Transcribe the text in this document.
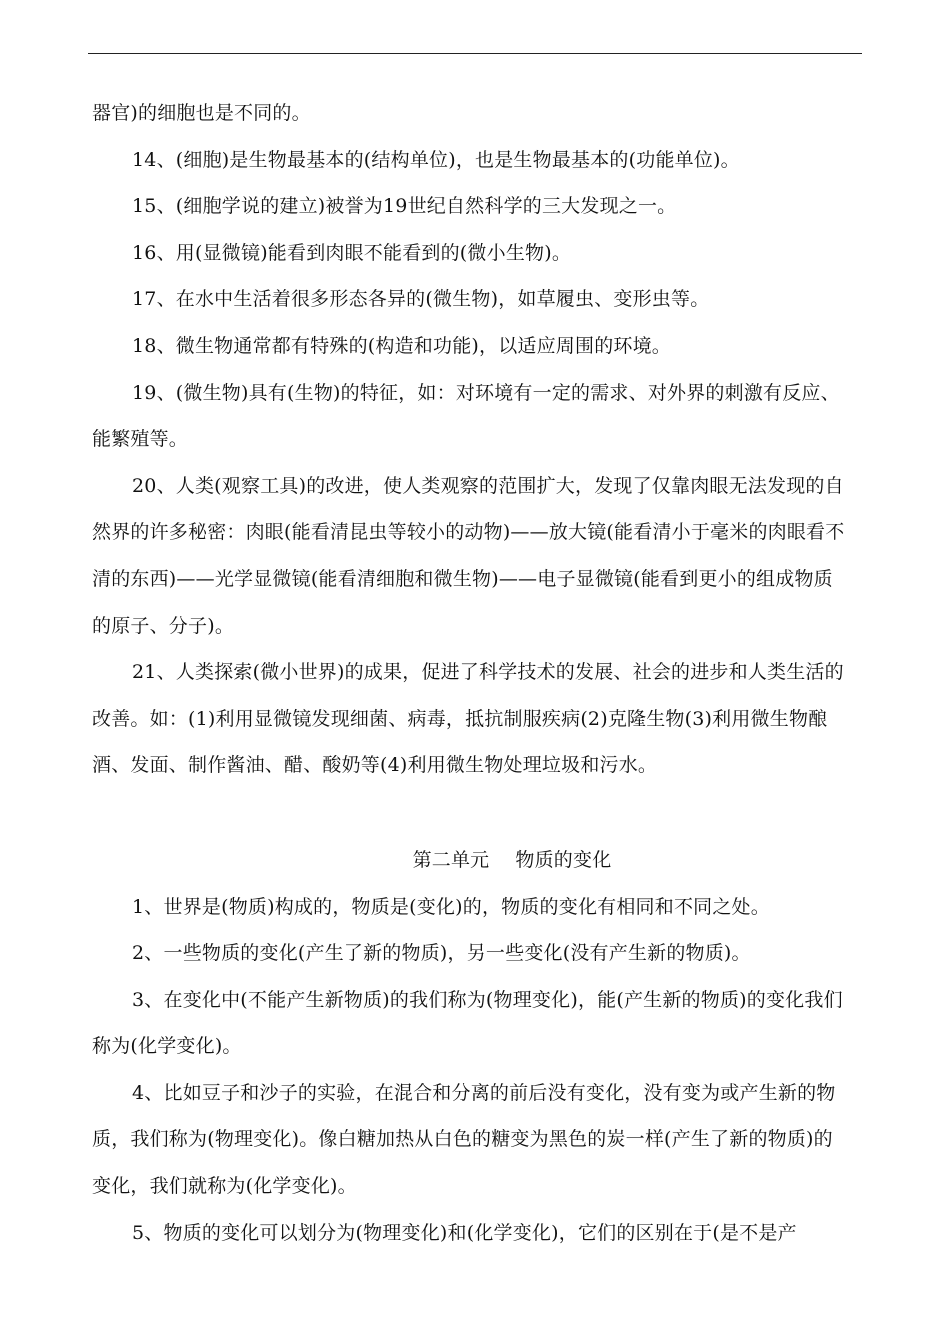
器官)的细胞也是不同的。

14、(细胞)是生物最基本的(结构单位)，也是生物最基本的(功能单位)。

15、(细胞学说的建立)被誉为19世纪自然科学的三大发现之一。

16、用(显微镜)能看到肉眼不能看到的(微小生物)。

17、在水中生活着很多形态各异的(微生物)，如草履虫、变形虫等。

18、微生物通常都有特殊的(构造和功能)，以适应周围的环境。

19、(微生物)具有(生物)的特征，如：对环境有一定的需求、对外界的刺激有反应、能繁殖等。

20、人类(观察工具)的改进，使人类观察的范围扩大，发现了仅靠肉眼无法发现的自然界的许多秘密：肉眼(能看清昆虫等较小的动物)——放大镜(能看清小于毫米的肉眼看不清的东西)——光学显微镜(能看清细胞和微生物)——电子显微镜(能看到更小的组成物质的原子、分子)。

21、人类探索(微小世界)的成果，促进了科学技术的发展、社会的进步和人类生活的改善。如：(1)利用显微镜发现细菌、病毒，抵抗制服疾病(2)克隆生物(3)利用微生物酿酒、发面、制作酱油、醋、酸奶等(4)利用微生物处理垃圾和污水。

第二单元 物质的变化

1、世界是(物质)构成的，物质是(变化)的，物质的变化有相同和不同之处。

2、一些物质的变化(产生了新的物质)，另一些变化(没有产生新的物质)。

3、在变化中(不能产生新物质)的我们称为(物理变化)，能(产生新的物质)的变化我们称为(化学变化)。

4、比如豆子和沙子的实验，在混合和分离的前后没有变化，没有变为或产生新的物质，我们称为(物理变化)。像白糖加热从白色的糖变为黑色的炭一样(产生了新的物质)的变化，我们就称为(化学变化)。

5、物质的变化可以划分为(物理变化)和(化学变化)，它们的区别在于(是不是产
